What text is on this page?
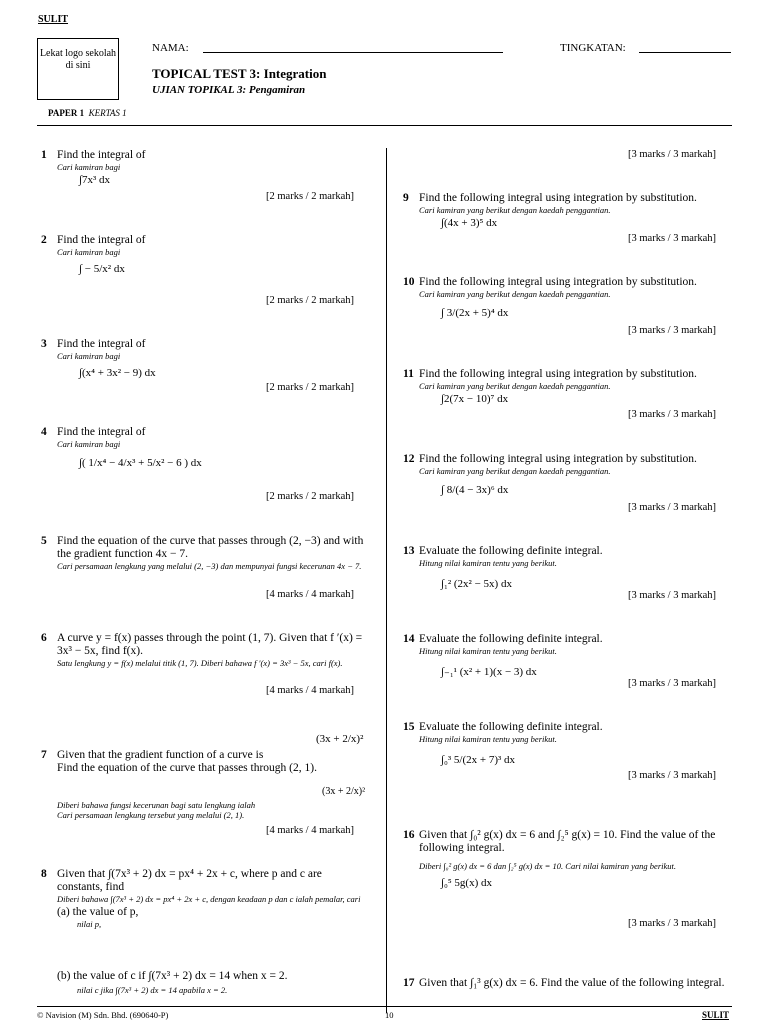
SULIT
Lekat logo sekolah di sini
NAMA:	TINGKATAN:
TOPICAL TEST 3: Integration
UJIAN TOPIKAL 3: Pengamiran
PAPER 1 KERTAS 1
1 Find the integral of
Cari kamiran bagi
∫7x³ dx
[2 marks / 2 markah]
2 Find the integral of
Cari kamiran bagi
∫ − 5/x² dx
[2 marks / 2 markah]
3 Find the integral of
Cari kamiran bagi
∫(x⁴ + 3x² − 9) dx
[2 marks / 2 markah]
4 Find the integral of
Cari kamiran bagi
∫( 1/x⁴ − 4/x³ + 5/x² − 6 ) dx
[2 marks / 2 markah]
5 Find the equation of the curve that passes through (2, −3) and with the gradient function 4x − 7.
Cari persamaan lengkung yang melalui (2, −3) dan mempunyai fungsi kecerunan 4x − 7.
[4 marks / 4 markah]
6 A curve y = f(x) passes through the point (1, 7). Given that f ′(x) = 3x³ − 5x, find f(x).
Satu lengkung y = f(x) melalui titik (1, 7). Diberi bahawa f ′(x) = 3x³ − 5x, cari f(x).
[4 marks / 4 markah]
(3x + 2/x)²
7 Given that the gradient function of a curve is
Find the equation of the curve that passes through (2, 1).
(3x + 2/x)²
Diberi bahawa fungsi kecerunan bagi satu lengkung ialah
Cari persamaan lengkung tersebut yang melalui (2, 1).
[4 marks / 4 markah]
8 Given that ∫(7x³ + 2) dx = px⁴ + 2x + c, where p and c are constants, find
Diberi bahawa ∫(7x³ + 2) dx = px⁴ + 2x + c, dengan keadaan p dan c ialah pemalar, cari
(a) the value of p,
nilai p,
(b) the value of c if ∫(7x³ + 2) dx = 14 when x = 2.
nilai c jika ∫(7x³ + 2) dx = 14 apabila x = 2.
[3 marks / 3 markah]
9 Find the following integral using integration by substitution.
Cari kamiran yang berikut dengan kaedah penggantian.
∫(4x + 3)⁵ dx
[3 marks / 3 markah]
10 Find the following integral using integration by substitution.
Cari kamiran yang berikut dengan kaedah penggantian.
∫ 3/(2x + 5)⁴ dx
[3 marks / 3 markah]
11 Find the following integral using integration by substitution.
Cari kamiran yang berikut dengan kaedah penggantian.
∫2(7x − 10)⁷ dx
[3 marks / 3 markah]
12 Find the following integral using integration by substitution.
Cari kamiran yang berikut dengan kaedah penggantian.
∫ 8/(4 − 3x)⁶ dx
[3 marks / 3 markah]
13 Evaluate the following definite integral.
Hitung nilai kamiran tentu yang berikut.
∫₁² (2x² − 5x) dx
[3 marks / 3 markah]
14 Evaluate the following definite integral.
Hitung nilai kamiran tentu yang berikut.
∫₋₁¹ (x² + 1)(x − 3) dx
[3 marks / 3 markah]
15 Evaluate the following definite integral.
Hitung nilai kamiran tentu yang berikut.
∫₀³ 5/(2x + 7)³ dx
[3 marks / 3 markah]
16 Given that ∫₀² g(x) dx = 6 and ∫₂⁵ g(x) = 10. Find the value of the following integral.
Diberi ∫₀² g(x) dx = 6 dan ∫₂⁵ g(x) dx = 10. Cari nilai kamiran yang berikut.
∫₀⁵ 5g(x) dx
[3 marks / 3 markah]
17 Given that ∫₁³ g(x) dx = 6. Find the value of the following integral.
© Navision (M) Sdn. Bhd. (690640-P)	10	SULIT
